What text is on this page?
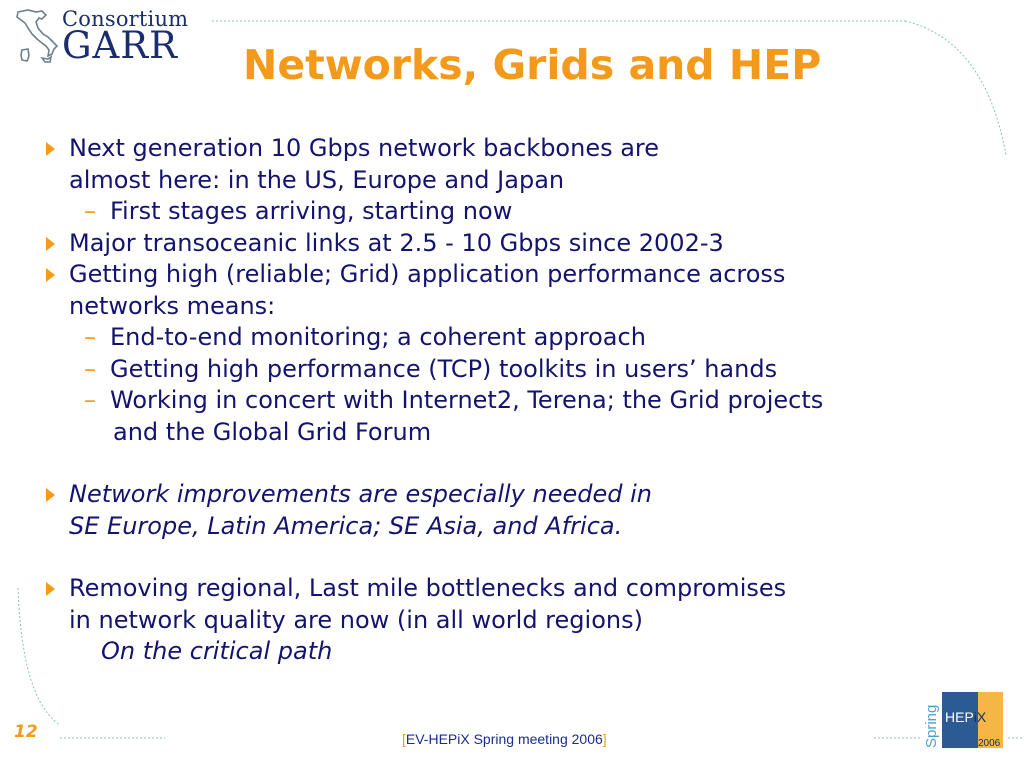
Consortium
GARR Networks, Grids and HEP
Next generation 10 Gbps network backbones are
almost here: in the US, Europe and Japan
– First stages arriving, starting now
Major transoceanic links at 2.5 - 10 Gbps since 2002-3
Getting high (reliable; Grid) application performance across
networks means:
– End-to-end monitoring; a coherent approach
– Getting high performance (TCP) toolkits in users’ hands
– Working in concert with Internet2, Terena; the Grid projects
and the Global Grid Forum
Network improvements are especially needed in
SE Europe, Latin America; SE Asia, and Africa.
Removing regional, Last mile bottlenecks and compromises
in network quality are now (in all world regions)
On the critical path
12	[EV-HEPiX Spring meeting 2006]	Spring HEPiX
2006
